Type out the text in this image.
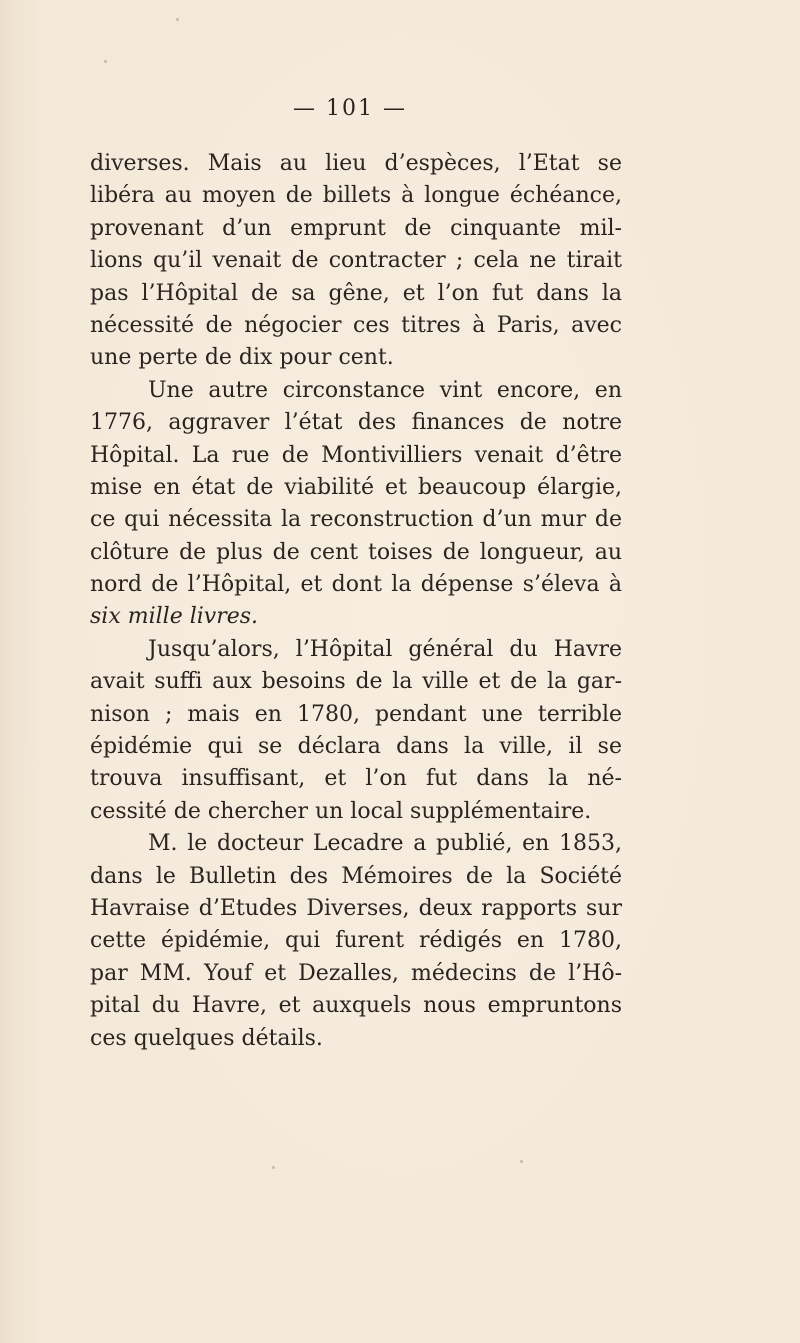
— 101 —
diverses. Mais au lieu d’espèces, l’Etat se
libéra au moyen de billets à longue échéance,
provenant d’un emprunt de cinquante mil-
lions qu’il venait de contracter ; cela ne tirait
pas l’Hôpital de sa gêne, et l’on fut dans la
nécessité de négocier ces titres à Paris, avec
une perte de dix pour cent.
Une autre circonstance vint encore, en
1776, aggraver l’état des finances de notre
Hôpital. La rue de Montivilliers venait d’être
mise en état de viabilité et beaucoup élargie,
ce qui nécessita la reconstruction d’un mur de
clôture de plus de cent toises de longueur, au
nord de l’Hôpital, et dont la dépense s’éleva à
six mille livres.
Jusqu’alors, l’Hôpital général du Havre
avait suffi aux besoins de la ville et de la gar-
nison ; mais en 1780, pendant une terrible
épidémie qui se déclara dans la ville, il se
trouva insuffisant, et l’on fut dans la né-
cessité de chercher un local supplémentaire.
M. le docteur Lecadre a publié, en 1853,
dans le Bulletin des Mémoires de la Société
Havraise d’Etudes Diverses, deux rapports sur
cette épidémie, qui furent rédigés en 1780,
par MM. Youf et Dezalles, médecins de l’Hô-
pital du Havre, et auxquels nous empruntons
ces quelques détails.
